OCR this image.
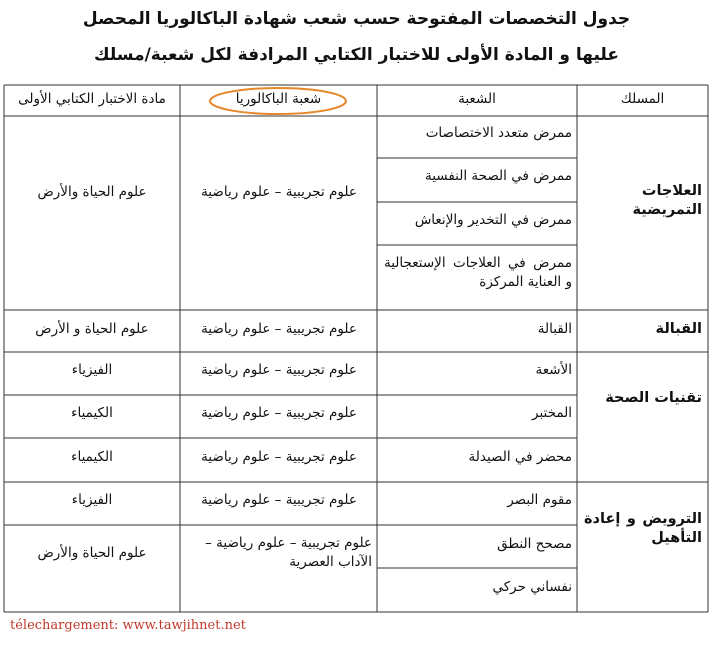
جدول التخصصات المفتوحة حسب شعب شهادة الباكالوريا المحصل
عليها و المادة الأولى للاختبار الكتابي المرادفة لكل شعبة/مسلك
المسلك
الشعبة
شعبة الباكالوريا
مادة الاختبار الكتابي الأولى
العلاجات التمريضية
ممرض متعدد الاختصاصات
ممرض في الصحة النفسية
ممرض في التخدير والإنعاش
ممرض في العلاجات الإستعجالية و العناية المركزة
علوم تجريبية – علوم رياضية
علوم الحياة والأرض
القبالة
القبالة
علوم تجريبية – علوم رياضية
علوم الحياة و الأرض
تقنيات الصحة
الأشعة
المختبر
محضر في الصيدلة
علوم تجريبية – علوم رياضية
علوم تجريبية – علوم رياضية
علوم تجريبية – علوم رياضية
الفيزياء
الكيمياء
الكيمياء
الترويض و إعادة التأهيل
مقوم البصر
مصحح النطق
نفساني حركي
علوم تجريبية – علوم رياضية
علوم تجريبية – علوم رياضية – الآداب العصرية
الفيزياء
علوم الحياة والأرض
télechargement: www.tawjihnet.net
